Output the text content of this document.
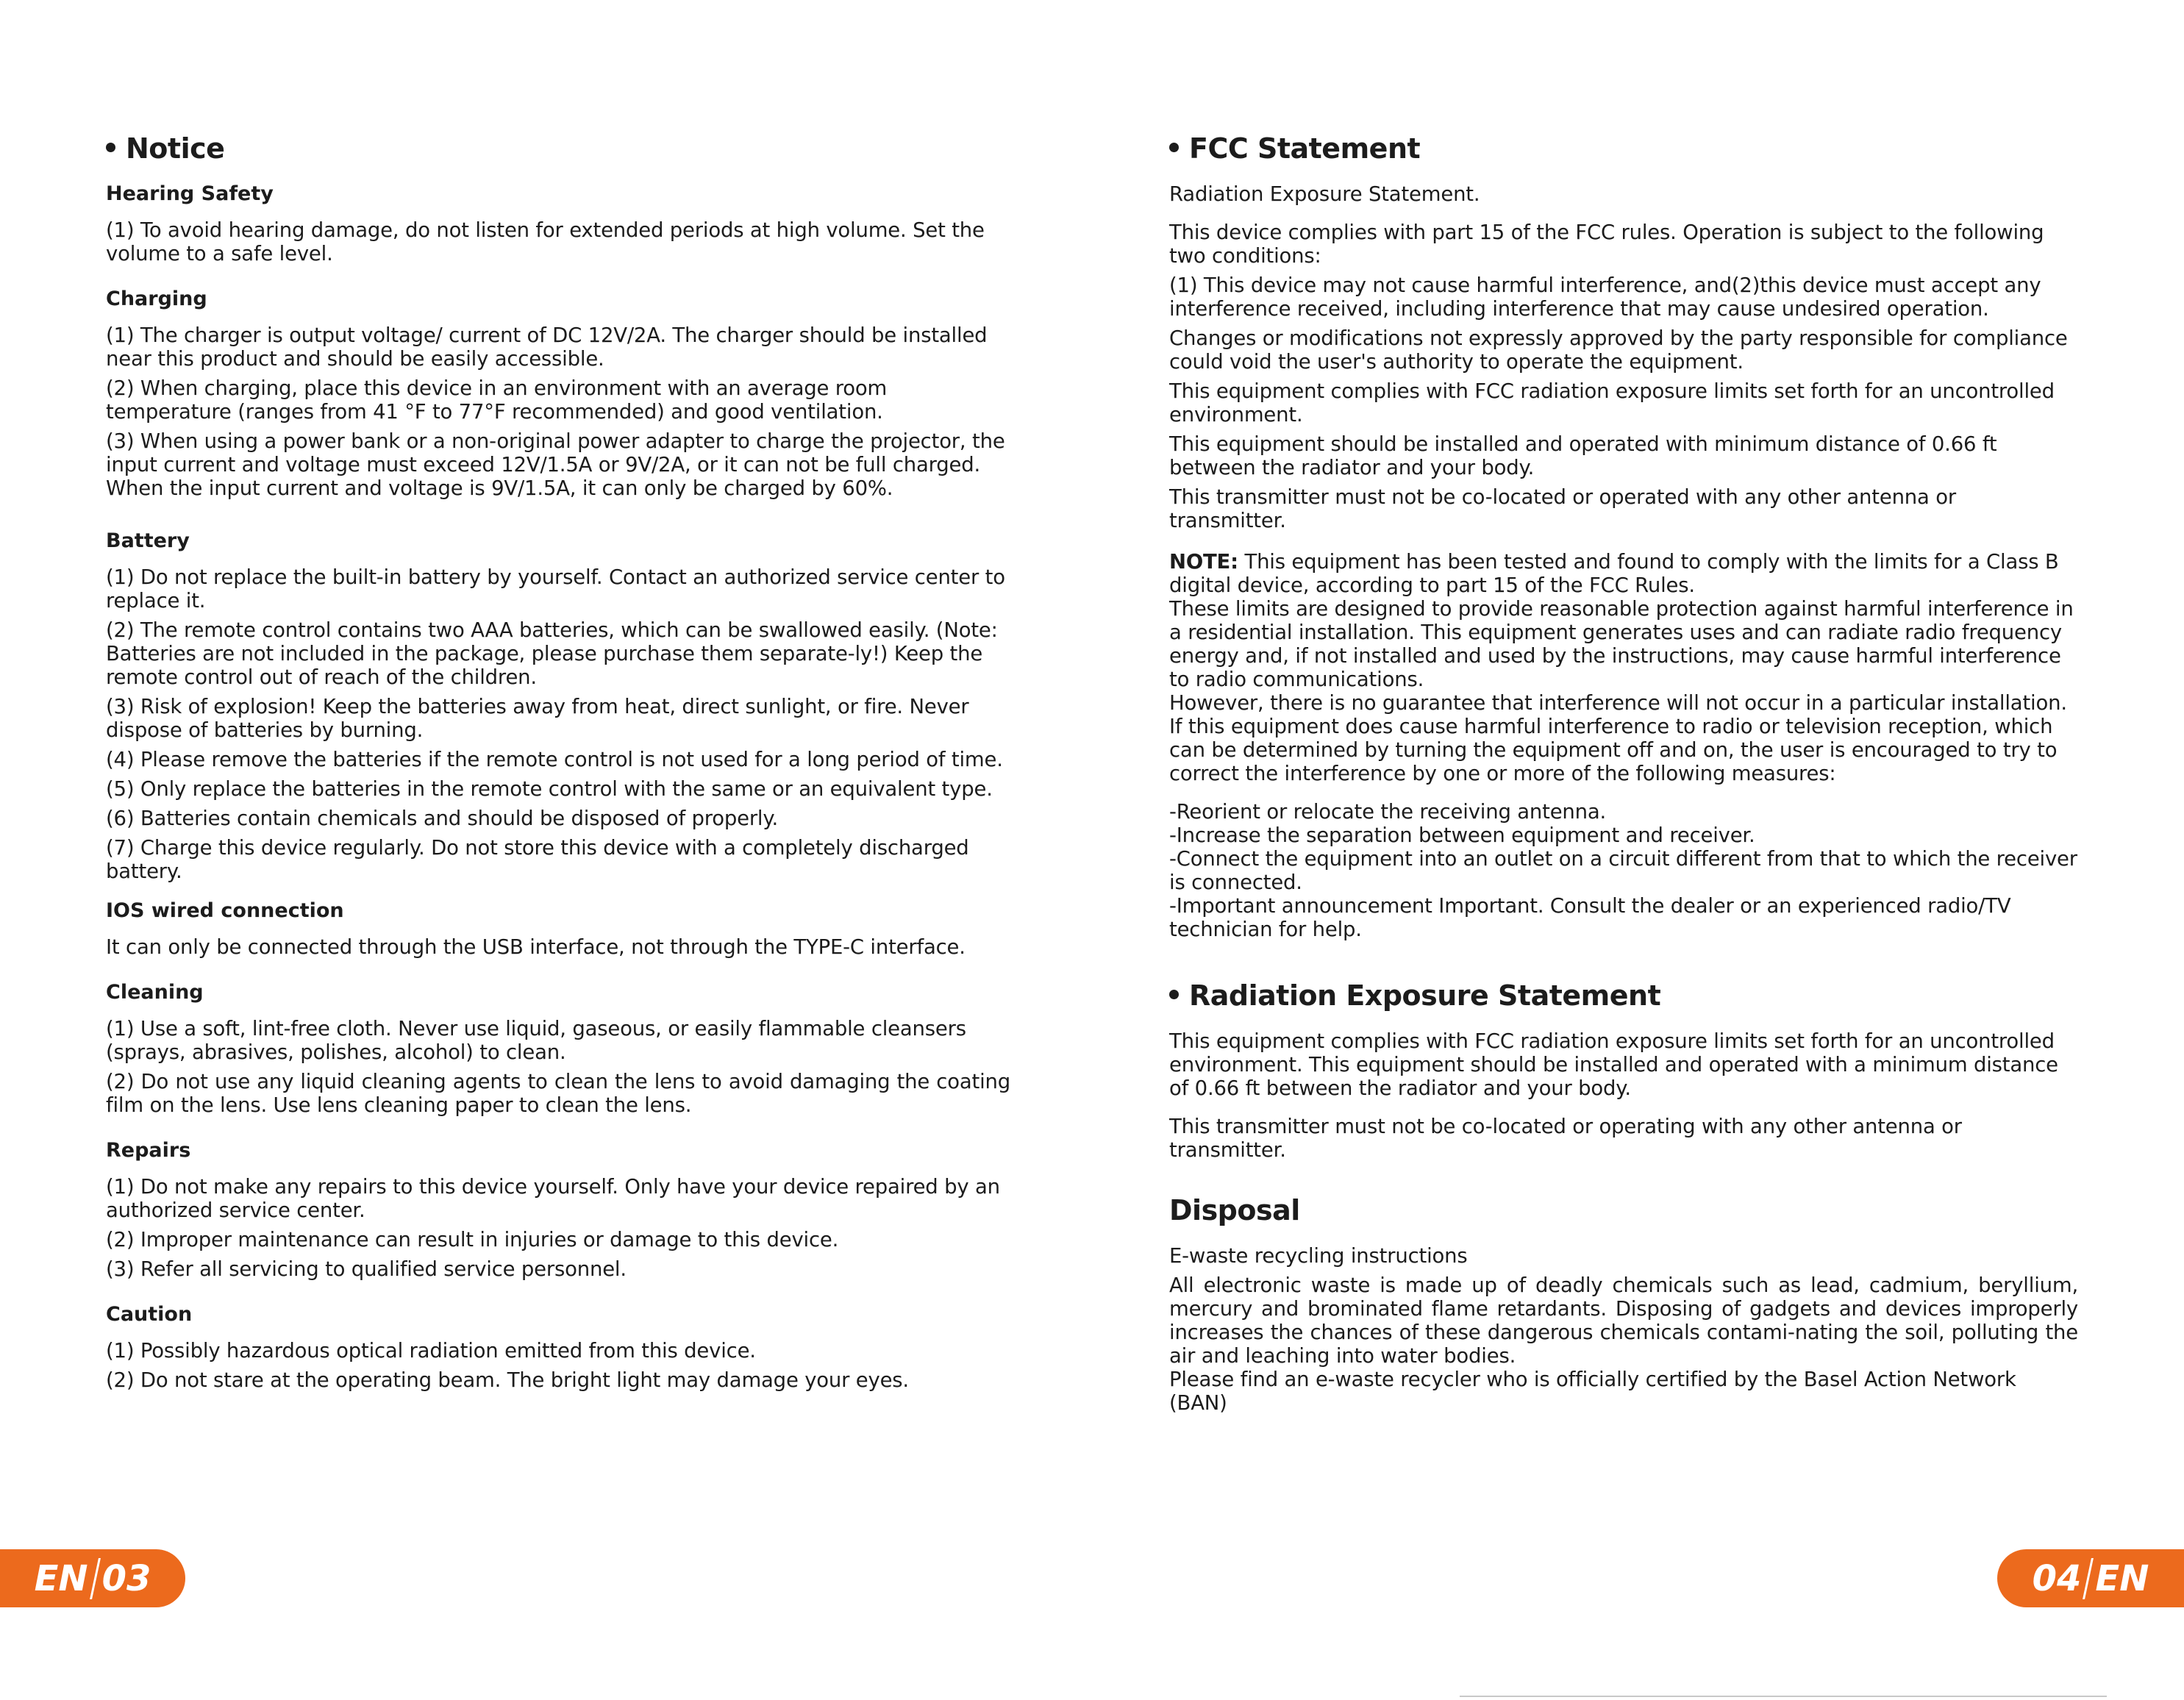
Notice
Hearing Safety
(1) To avoid hearing damage, do not listen for extended periods at high volume. Set the volume to a safe level.
Charging
(1) The charger is output voltage/ current of DC 12V/2A. The charger should be installed near this product and should be easily accessible.
(2) When charging, place this device in an environment with an average room temperature (ranges from 41 °F to 77°F recommended) and good ventilation.
(3) When using a power bank or a non-original power adapter to charge the projector, the input current and voltage must exceed 12V/1.5A or 9V/2A, or it can not be full charged. When the input current and voltage is 9V/1.5A, it can only be charged by 60%.
Battery
(1) Do not replace the built-in battery by yourself. Contact an authorized service center to replace it.
(2) The remote control contains two AAA batteries, which can be swallowed easily. (Note: Batteries are not included in the package, please purchase them separate-ly!) Keep the remote control out of reach of the children.
(3) Risk of explosion! Keep the batteries away from heat, direct sunlight, or fire. Never dispose of batteries by burning.
(4) Please remove the batteries if the remote control is not used for a long period of time.
(5) Only replace the batteries in the remote control with the same or an equivalent type.
(6) Batteries contain chemicals and should be disposed of properly.
(7) Charge this device regularly. Do not store this device with a completely discharged battery.
IOS wired connection
It can only be connected through the USB interface, not through the TYPE-C interface.
Cleaning
(1) Use a soft, lint-free cloth. Never use liquid, gaseous, or easily flammable cleansers (sprays, abrasives, polishes, alcohol) to clean.
(2) Do not use any liquid cleaning agents to clean the lens to avoid damaging the coating film on the lens. Use lens cleaning paper to clean the lens.
Repairs
(1) Do not make any repairs to this device yourself. Only have your device repaired by an authorized service center.
(2) Improper maintenance can result in injuries or damage to this device.
(3) Refer all servicing to qualified service personnel.
Caution
(1) Possibly hazardous optical radiation emitted from this device.
(2) Do not stare at the operating beam. The bright light may damage your eyes.
FCC Statement
Radiation Exposure Statement.
This device complies with part 15 of the FCC rules. Operation is subject to the following two conditions:
(1) This device may not cause harmful interference, and(2)this device must accept any interference received, including interference that may cause undesired operation.
Changes or modifications not expressly approved by the party responsible for compliance could void the user's authority to operate the equipment.
This equipment complies with FCC radiation exposure limits set forth for an uncontrolled environment.
This equipment should be installed and operated with minimum distance of 0.66 ft between the radiator and your body.
This transmitter must not be co-located or operated with any other antenna or transmitter.
NOTE: This equipment has been tested and found to comply with the limits for a Class B digital device, according to part 15 of the FCC Rules.
These limits are designed to provide reasonable protection against harmful interference in a residential installation. This equipment generates uses and can radiate radio frequency energy and, if not installed and used by the instructions, may cause harmful interference to radio communications.
However, there is no guarantee that interference will not occur in a particular installation.
If this equipment does cause harmful interference to radio or television reception, which can be determined by turning the equipment off and on, the user is encouraged to try to correct the interference by one or more of the following measures:
-Reorient or relocate the receiving antenna.
-Increase the separation between equipment and receiver.
-Connect the equipment into an outlet on a circuit different from that to which the receiver is connected.
-Important announcement Important. Consult the dealer or an experienced radio/TV technician for help.
Radiation Exposure Statement
This equipment complies with FCC radiation exposure limits set forth for an uncontrolled environment. This equipment should be installed and operated with a minimum distance of 0.66 ft between the radiator and your body.
This transmitter must not be co-located or operating with any other antenna or transmitter.
Disposal
E-waste recycling instructions
All electronic waste is made up of deadly chemicals such as lead, cadmium, beryllium, mercury and brominated flame retardants. Disposing of gadgets and devices improperly increases the chances of these dangerous chemicals contami-nating the soil, polluting the air and leaching into water bodies.
Please find an e-waste recycler who is officially certified by the Basel Action Network (BAN)
EN 03	04 EN
